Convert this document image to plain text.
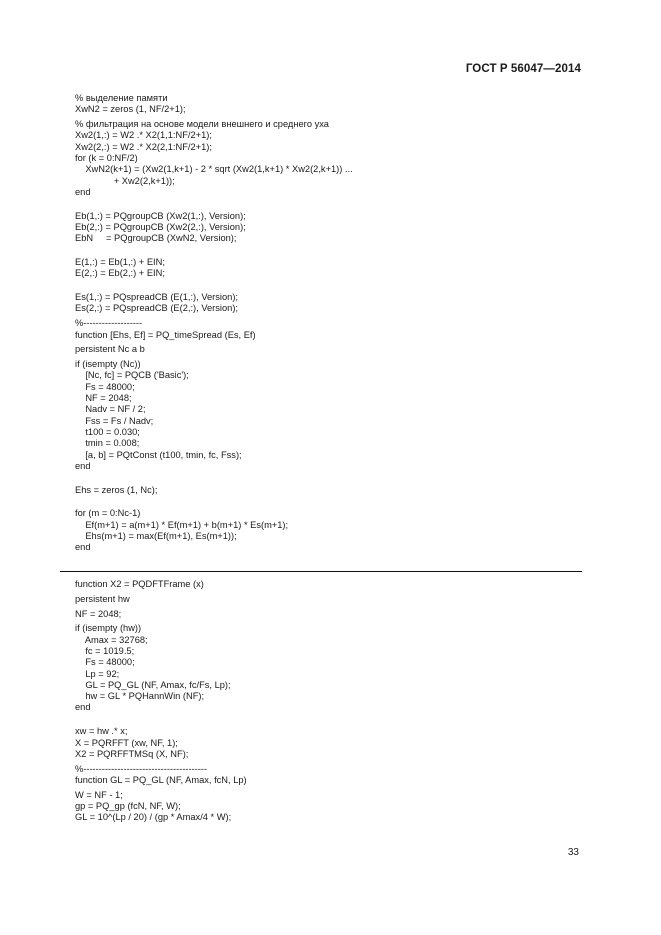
ГОСТ Р 56047—2014
% выделение памяти
XwN2 = zeros (1, NF/2+1);
% фильтрация на основе модели внешнего и среднего уха
Xw2(1,:) = W2 .* X2(1,1:NF/2+1);
Xw2(2,:) = W2 .* X2(2,1:NF/2+1);
for (k = 0:NF/2)
XwN2(k+1) = (Xw2(1,k+1) - 2 * sqrt (Xw2(1,k+1) * Xw2(2,k+1)) ...
+ Xw2(2,k+1));
end
Eb(1,:) = PQgroupCB (Xw2(1,:), Version);
Eb(2,:) = PQgroupCB (Xw2(2,:), Version);
EbN     = PQgroupCB (XwN2, Version);
E(1,:) = Eb(1,:) + EIN;
E(2,:) = Eb(2,:) + EIN;
Es(1,:) = PQspreadCB (E(1,:), Version);
Es(2,:) = PQspreadCB (E(2,:), Version);
%-------------------
function [Ehs, Ef] = PQ_timeSpread (Es, Ef)
persistent Nc a b
if (isempty (Nc))
[Nc, fc] = PQCB ('Basic');
Fs = 48000;
NF = 2048;
Nadv = NF / 2;
Fss = Fs / Nadv;
t100 = 0.030;
tmin = 0.008;
[a, b] = PQtConst (t100, tmin, fc, Fss);
end
Ehs = zeros (1, Nc);
for (m = 0:Nc-1)
Ef(m+1) = a(m+1) * Ef(m+1) + b(m+1) * Es(m+1);
Ehs(m+1) = max(Ef(m+1), Es(m+1));
end
function X2 = PQDFTFrame (x)
persistent hw
NF = 2048;
if (isempty (hw))
Amax = 32768;
fc = 1019.5;
Fs = 48000;
Lp = 92;
GL = PQ_GL (NF, Amax, fc/Fs, Lp);
hw = GL * PQHannWin (NF);
end
xw = hw .* x;
X = PQRFFT (xw, NF, 1);
X2 = PQRFFTMSq (X, NF);
%----------------------------------------
function GL = PQ_GL (NF, Amax, fcN, Lp)
W = NF - 1;
gp = PQ_gp (fcN, NF, W);
GL = 10^(Lp / 20) / (gp * Amax/4 * W);
33
